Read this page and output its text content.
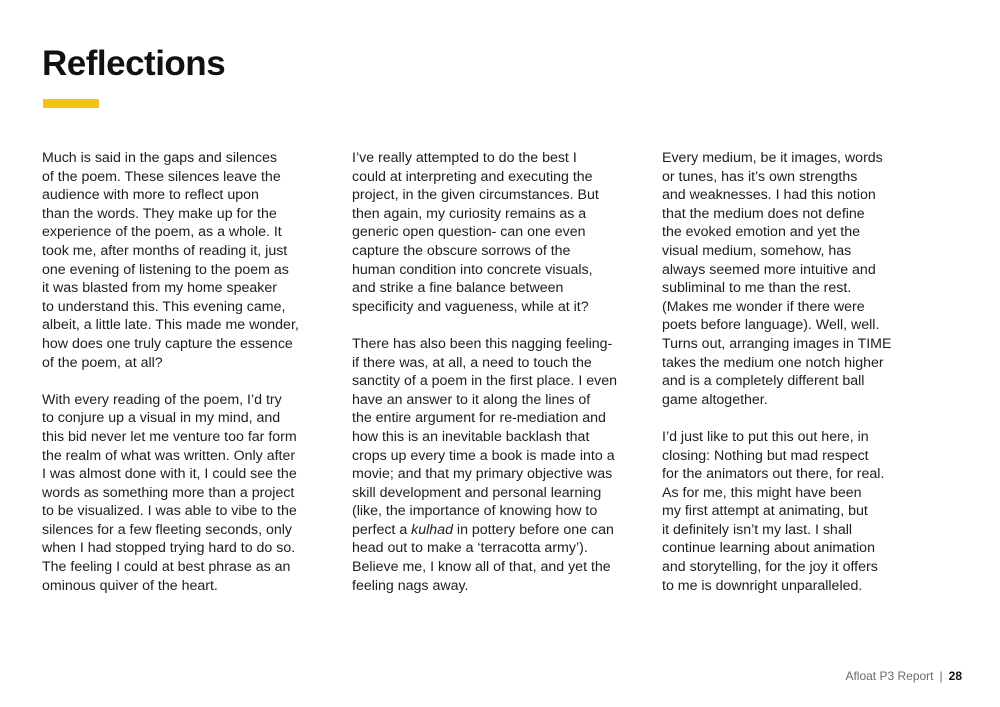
Reflections

Much is said in the gaps and silences
of the poem. These silences leave the
audience with more to reflect upon
than the words. They make up for the
experience of the poem, as a whole. It
took me, after months of reading it, just
one evening of listening to the poem as
it was blasted from my home speaker
to understand this. This evening came,
albeit, a little late. This made me wonder,
how does one truly capture the essence
of the poem, at all?

With every reading of the poem, I’d try
to conjure up a visual in my mind, and
this bid never let me venture too far form
the realm of what was written. Only after
I was almost done with it, I could see the
words as something more than a project
to be visualized. I was able to vibe to the
silences for a few fleeting seconds, only
when I had stopped trying hard to do so.
The feeling I could at best phrase as an
ominous quiver of the heart.

I’ve really attempted to do the best I
could at interpreting and executing the
project, in the given circumstances. But
then again, my curiosity remains as a
generic open question- can one even
capture the obscure sorrows of the
human condition into concrete visuals,
and strike a fine balance between
specificity and vagueness, while at it?

There has also been this nagging feeling-
if there was, at all, a need to touch the
sanctity of a poem in the first place. I even
have an answer to it along the lines of
the entire argument for re-mediation and
how this is an inevitable backlash that
crops up every time a book is made into a
movie; and that my primary objective was
skill development and personal learning
(like, the importance of knowing how to
perfect a kulhad in pottery before one can
head out to make a ‘terracotta army’).
Believe me, I know all of that, and yet the
feeling nags away.

Every medium, be it images, words
or tunes, has it’s own strengths
and weaknesses. I had this notion
that the medium does not define
the evoked emotion and yet the
visual medium, somehow, has
always seemed more intuitive and
subliminal to me than the rest.
(Makes me wonder if there were
poets before language). Well, well.
Turns out, arranging images in TIME
takes the medium one notch higher
and is a completely different ball
game altogether.

I’d just like to put this out here, in
closing: Nothing but mad respect
for the animators out there, for real.
As for me, this might have been
my first attempt at animating, but
it definitely isn’t my last. I shall
continue learning about animation
and storytelling, for the joy it offers
to me is downright unparalleled.

Afloat P3 Report | 28
